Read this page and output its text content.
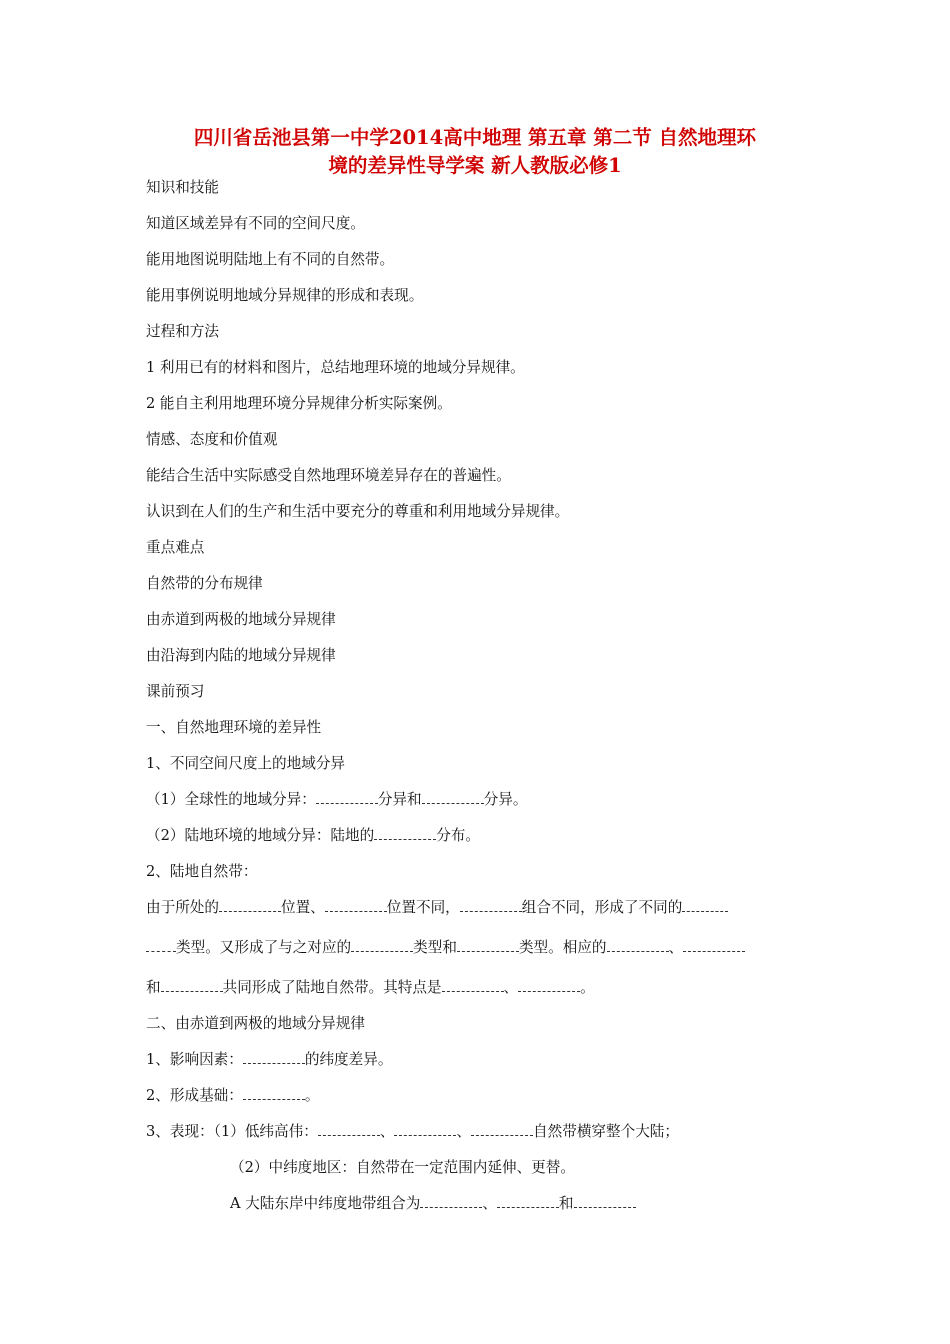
四川省岳池县第一中学2014高中地理 第五章 第二节 自然地理环
境的差异性导学案 新人教版必修1
知识和技能
知道区域差异有不同的空间尺度。
能用地图说明陆地上有不同的自然带。
能用事例说明地域分异规律的形成和表现。
过程和方法
1 利用已有的材料和图片，总结地理环境的地域分异规律。
2 能自主利用地理环境分异规律分析实际案例。
情感、态度和价值观
能结合生活中实际感受自然地理环境差异存在的普遍性。
认识到在人们的生产和生活中要充分的尊重和利用地域分异规律。
重点难点
自然带的分布规律
由赤道到两极的地域分异规律
由沿海到内陆的地域分异规律
课前预习
一、自然地理环境的差异性
1、不同空间尺度上的地域分异
（1）全球性的地域分异：	分异和	分异。
（2）陆地环境的地域分异：陆地的	分布。
2、陆地自然带：
由于所处的	位置、	位置不同，	组合不同，形成了不同的
类型。又形成了与之对应的	类型和	类型。相应的	、
和	共同形成了陆地自然带。其特点是	、	。
二、由赤道到两极的地域分异规律
1、影响因素：	的纬度差异。
2、形成基础：	。
3、表现：（1）低纬高伟：	、	、	自然带横穿整个大陆；
（2）中纬度地区：自然带在一定范围内延伸、更替。
A 大陆东岸中纬度地带组合为	、	和
